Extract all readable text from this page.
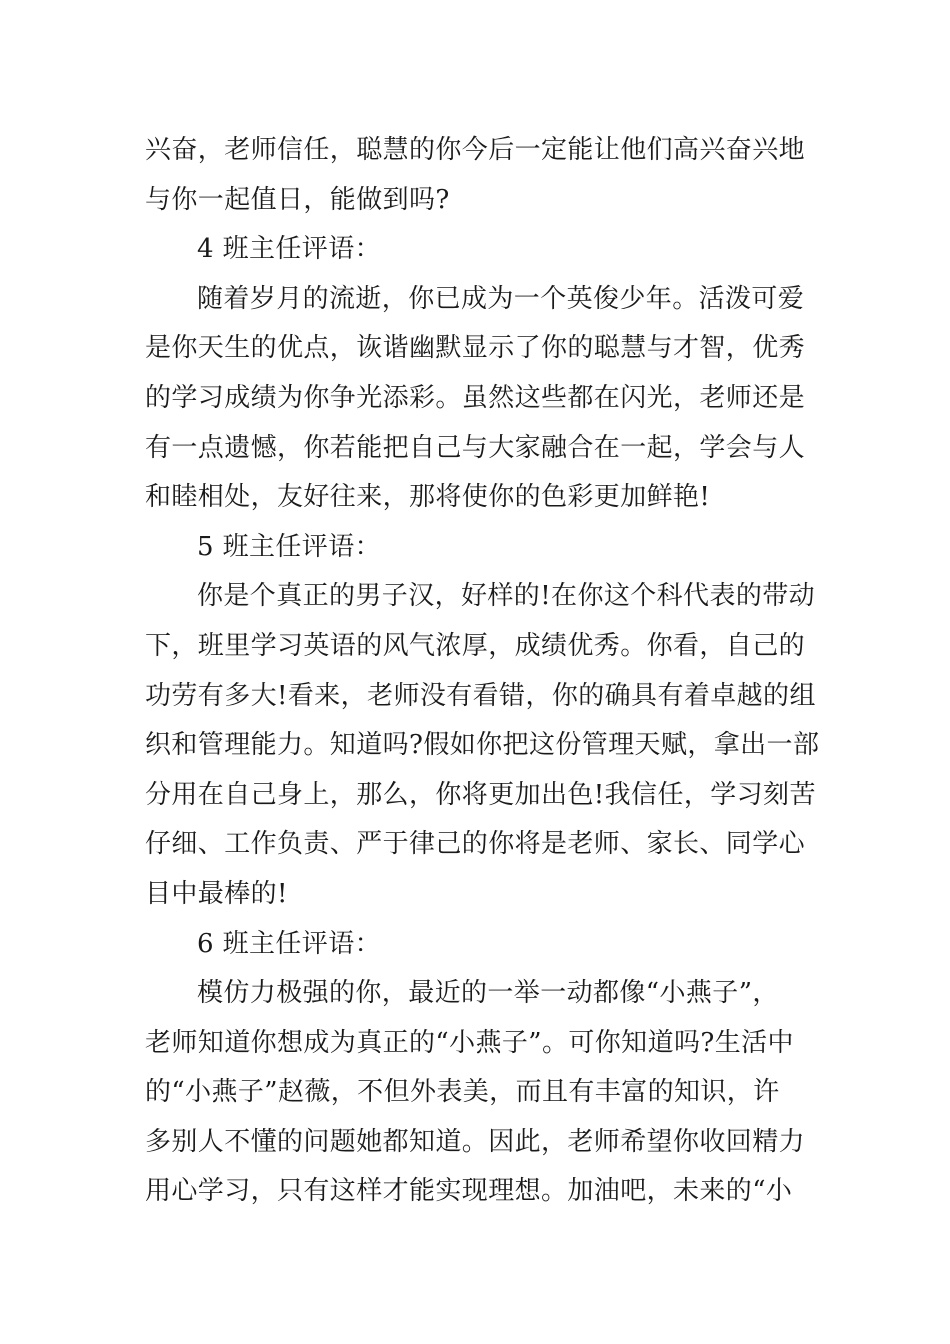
兴奋，老师信任，聪慧的你今后一定能让他们高兴奋兴地
与你一起值日，能做到吗?
4 班主任评语：
随着岁月的流逝，你已成为一个英俊少年。活泼可爱
是你天生的优点，诙谐幽默显示了你的聪慧与才智，优秀
的学习成绩为你争光添彩。虽然这些都在闪光，老师还是
有一点遗憾，你若能把自己与大家融合在一起，学会与人
和睦相处，友好往来，那将使你的色彩更加鲜艳!
5 班主任评语：
你是个真正的男子汉，好样的!在你这个科代表的带动
下，班里学习英语的风气浓厚，成绩优秀。你看，自己的
功劳有多大!看来，老师没有看错，你的确具有着卓越的组
织和管理能力。知道吗?假如你把这份管理天赋，拿出一部
分用在自己身上，那么，你将更加出色!我信任，学习刻苦
仔细、工作负责、严于律己的你将是老师、家长、同学心
目中最棒的!
6 班主任评语：
模仿力极强的你，最近的一举一动都像“小燕子”，
老师知道你想成为真正的“小燕子”。可你知道吗?生活中
的“小燕子”赵薇，不但外表美，而且有丰富的知识，许
多别人不懂的问题她都知道。因此，老师希望你收回精力
用心学习，只有这样才能实现理想。加油吧，未来的“小
